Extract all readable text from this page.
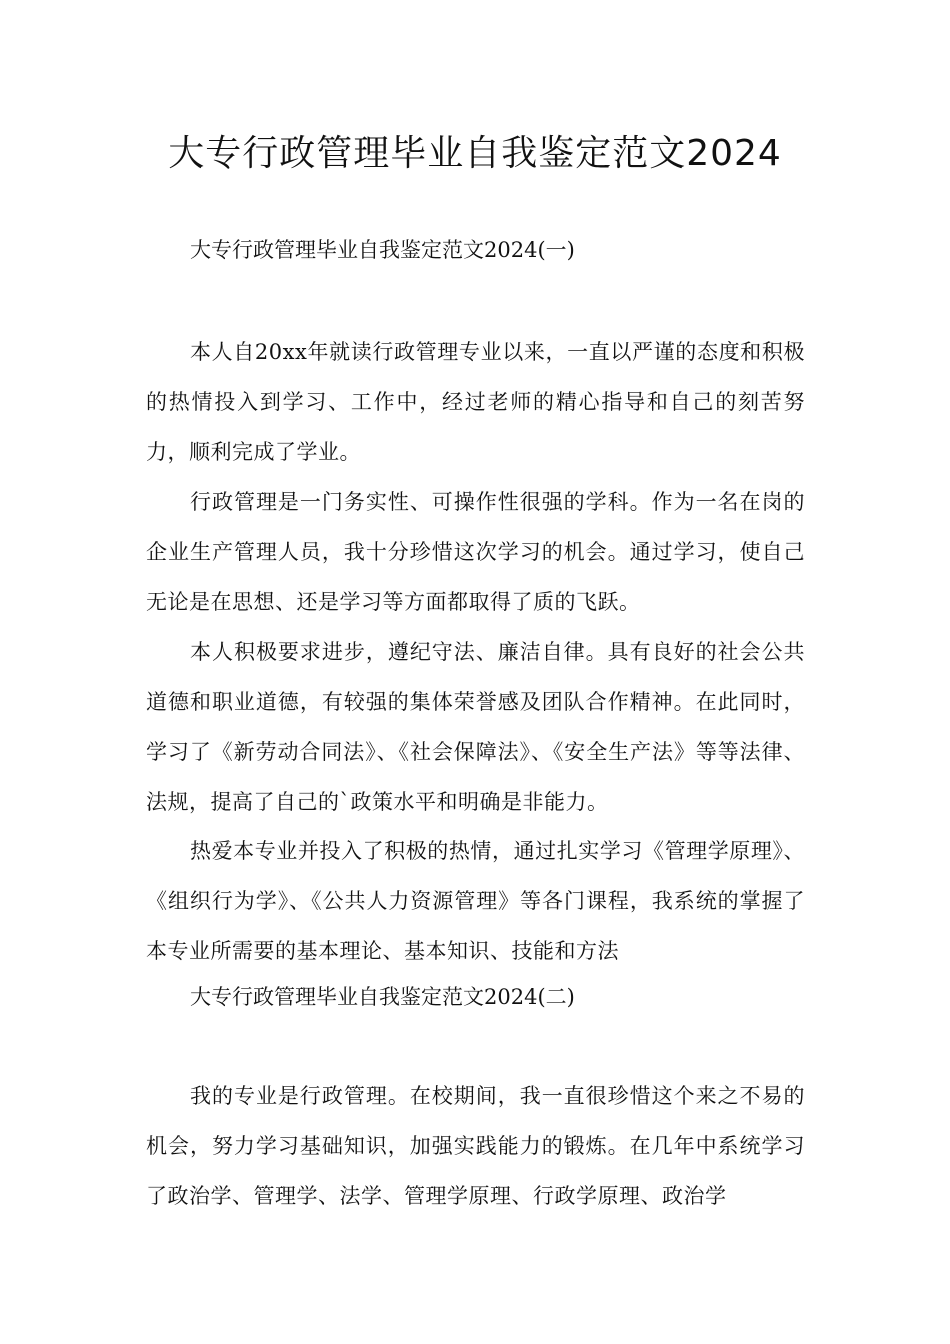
大专行政管理毕业自我鉴定范文2024

大专行政管理毕业自我鉴定范文2024(一)

本人自20xx年就读行政管理专业以来，一直以严谨的态度和积极的热情投入到学习、工作中，经过老师的精心指导和自己的刻苦努力，顺利完成了学业。

行政管理是一门务实性、可操作性很强的学科。作为一名在岗的企业生产管理人员，我十分珍惜这次学习的机会。通过学习，使自己无论是在思想、还是学习等方面都取得了质的飞跃。

本人积极要求进步，遵纪守法、廉洁自律。具有良好的社会公共道德和职业道德，有较强的集体荣誉感及团队合作精神。在此同时，学习了《新劳动合同法》、《社会保障法》、《安全生产法》等等法律、法规，提高了自己的`政策水平和明确是非能力。

热爱本专业并投入了积极的热情，通过扎实学习《管理学原理》、《组织行为学》、《公共人力资源管理》等各门课程，我系统的掌握了本专业所需要的基本理论、基本知识、技能和方法

大专行政管理毕业自我鉴定范文2024(二)

我的专业是行政管理。在校期间，我一直很珍惜这个来之不易的机会，努力学习基础知识，加强实践能力的锻炼。在几年中系统学习了政治学、管理学、法学、管理学原理、行政学原理、政治学
